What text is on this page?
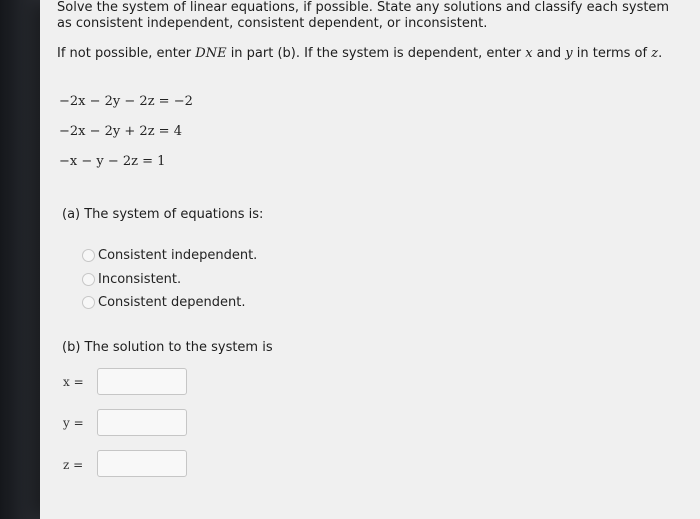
Solve the system of linear equations, if possible. State any solutions and classify each system as consistent independent, consistent dependent, or inconsistent.
If not possible, enter DNE in part (b). If the system is dependent, enter x and y in terms of z.
−2x − 2y − 2z = −2
−2x − 2y + 2z = 4
−x − y − 2z = 1
(a) The system of equations is:
Consistent independent.
Inconsistent.
Consistent dependent.
(b) The solution to the system is
x =
y =
z =
